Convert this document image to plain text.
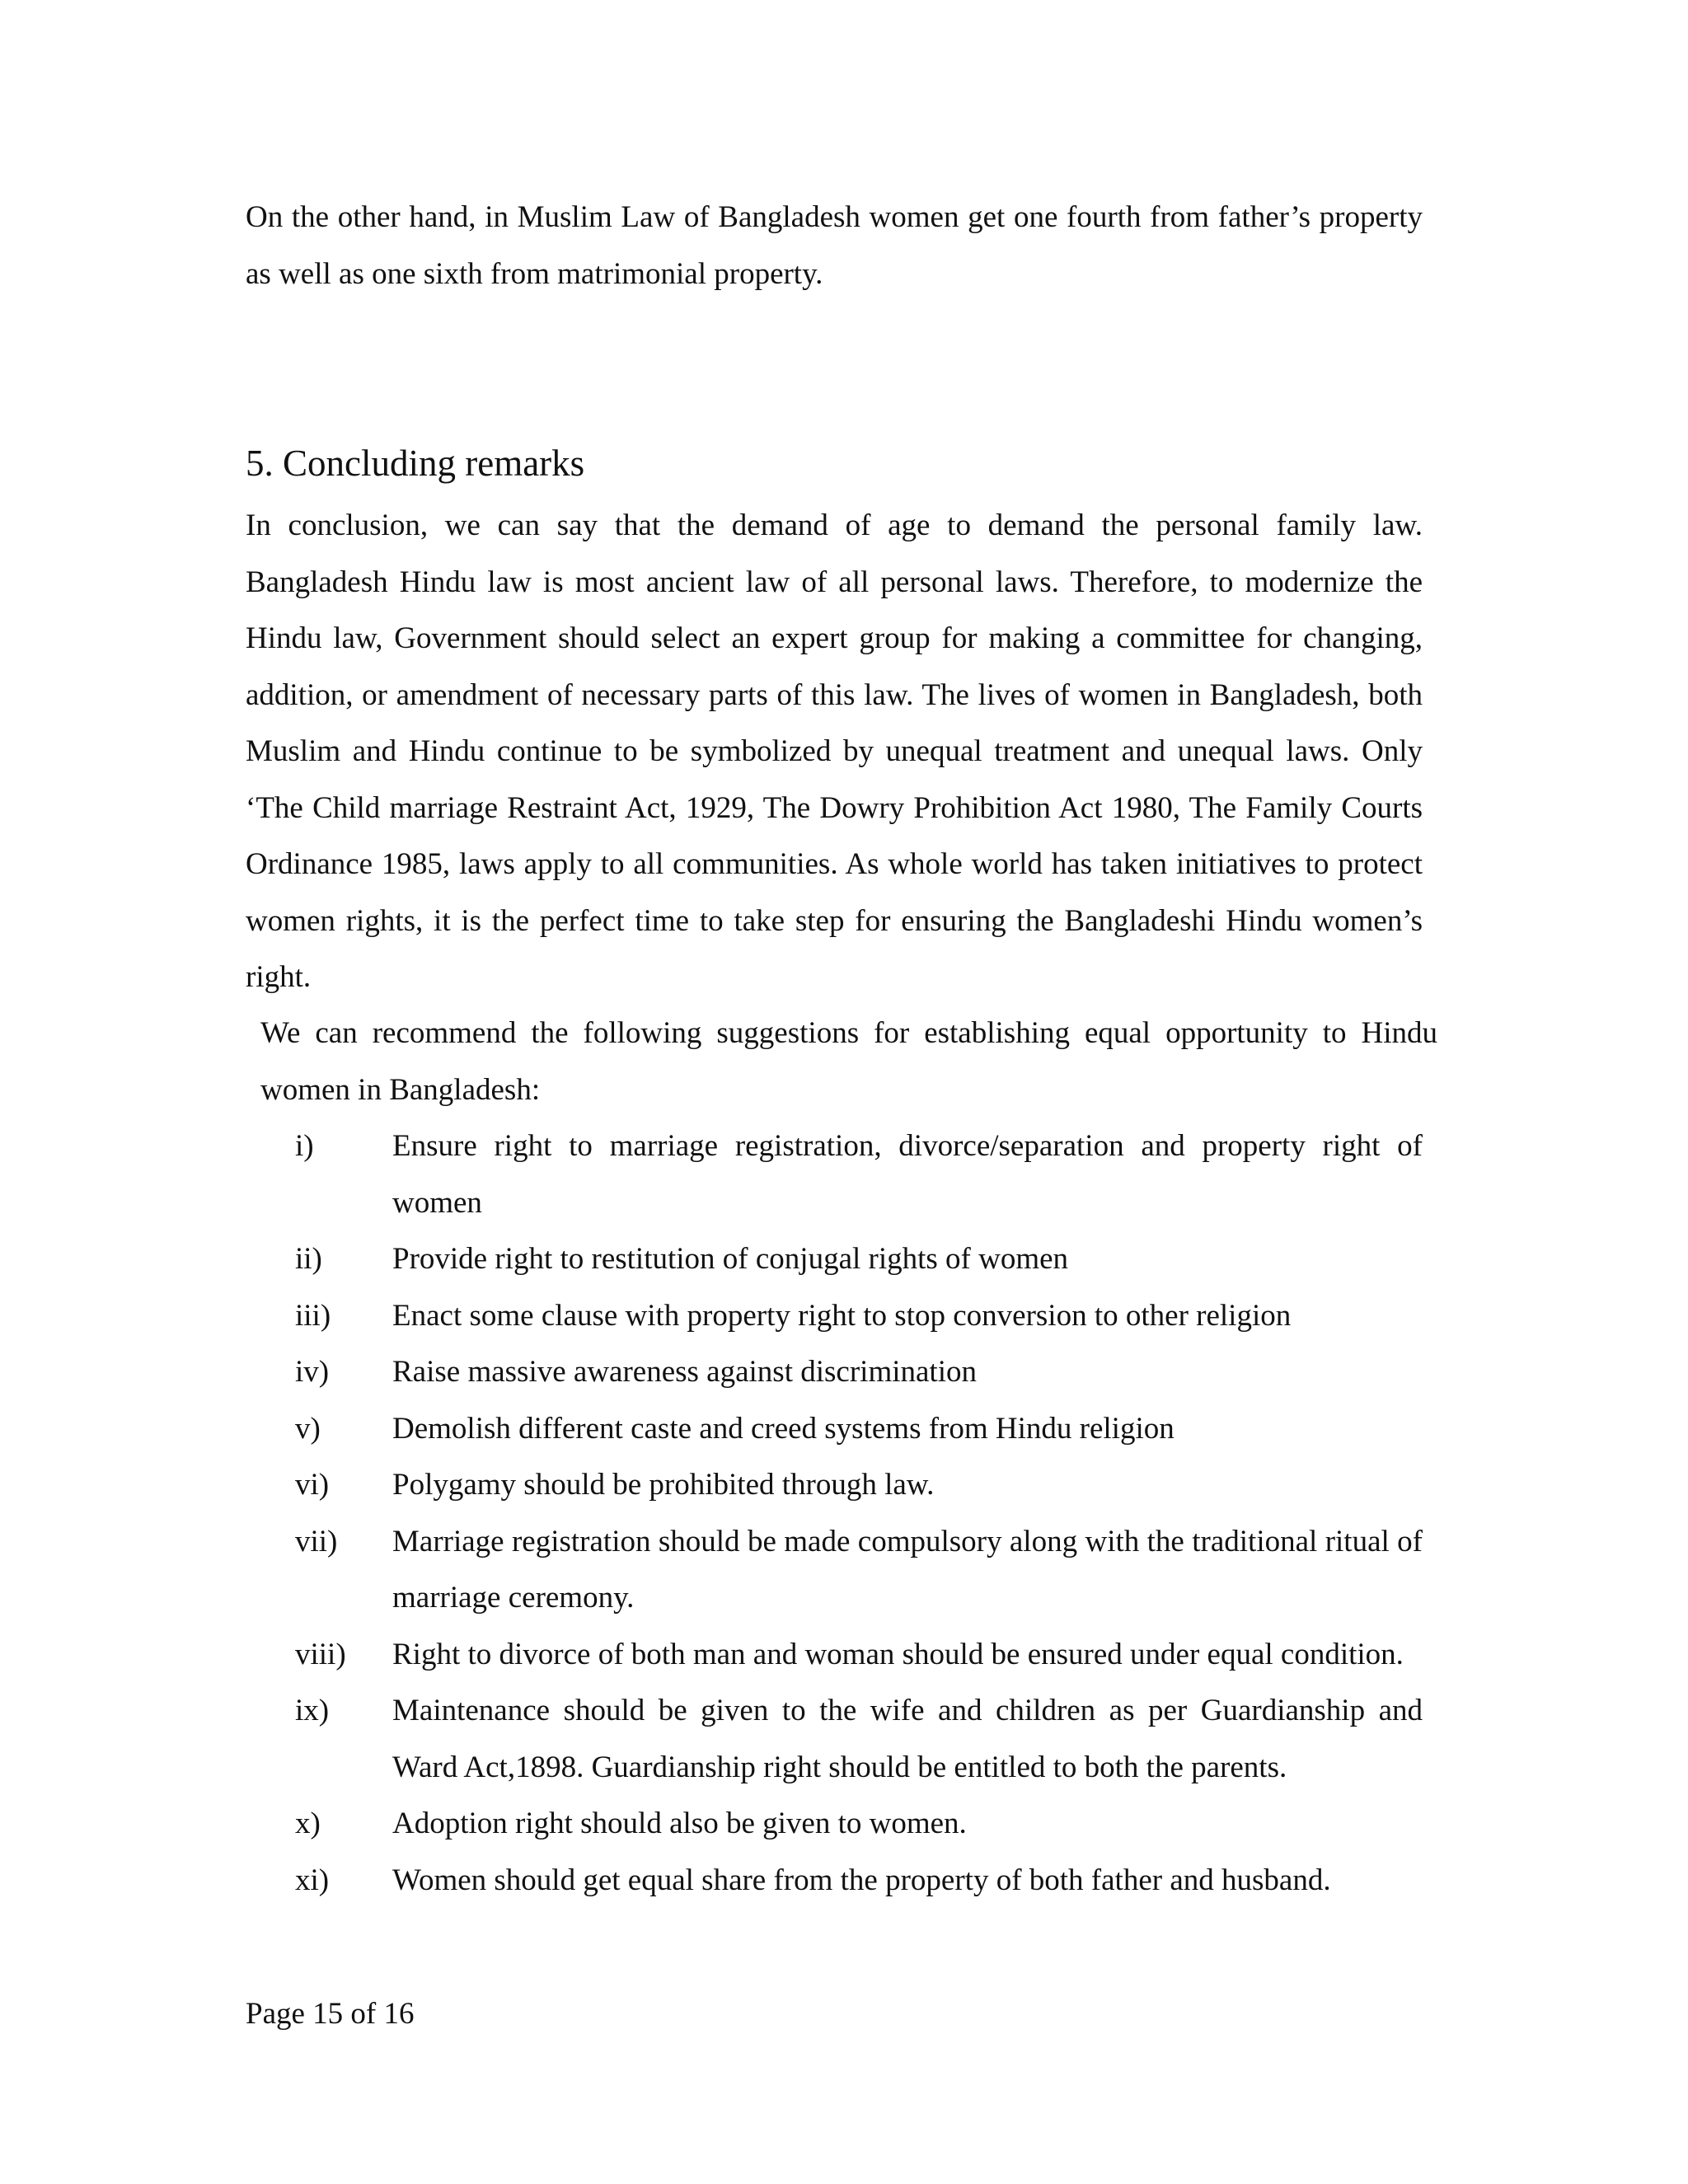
On the other hand, in Muslim Law of Bangladesh women get one fourth from father’s property as well as one sixth from matrimonial property.

5. Concluding remarks

In conclusion, we can say that the demand of age to demand the personal family law. Bangladesh Hindu law is most ancient law of all personal laws. Therefore, to modernize the Hindu law, Government should select an expert group for making a committee for changing, addition, or amendment of necessary parts of this law. The lives of women in Bangladesh, both Muslim and Hindu continue to be symbolized by unequal treatment and unequal laws. Only ‘The Child marriage Restraint Act, 1929, The Dowry Prohibition Act 1980, The Family Courts Ordinance 1985, laws apply to all communities. As whole world has taken initiatives to protect women rights, it is the perfect time to take step for ensuring the Bangladeshi Hindu women’s right.

We can recommend the following suggestions for establishing equal opportunity to Hindu women in Bangladesh:

i)	Ensure right to marriage registration, divorce/separation and property right of women
ii)	Provide right to restitution of conjugal rights of women
iii)	Enact some clause with property right to stop conversion to other religion
iv)	Raise massive awareness against discrimination
v)	Demolish different caste and creed systems from Hindu religion
vi)	Polygamy should be prohibited through law.
vii) Marriage registration should be made compulsory along with the traditional ritual of marriage ceremony.
viii) Right to divorce of both man and woman should be ensured under equal condition.
ix)	Maintenance should be given to the wife and children as per Guardianship and Ward Act,1898. Guardianship right should be entitled to both the parents.
x)	Adoption right should also be given to women.
xi)	Women should get equal share from the property of both father and husband.
Page 15 of 16
